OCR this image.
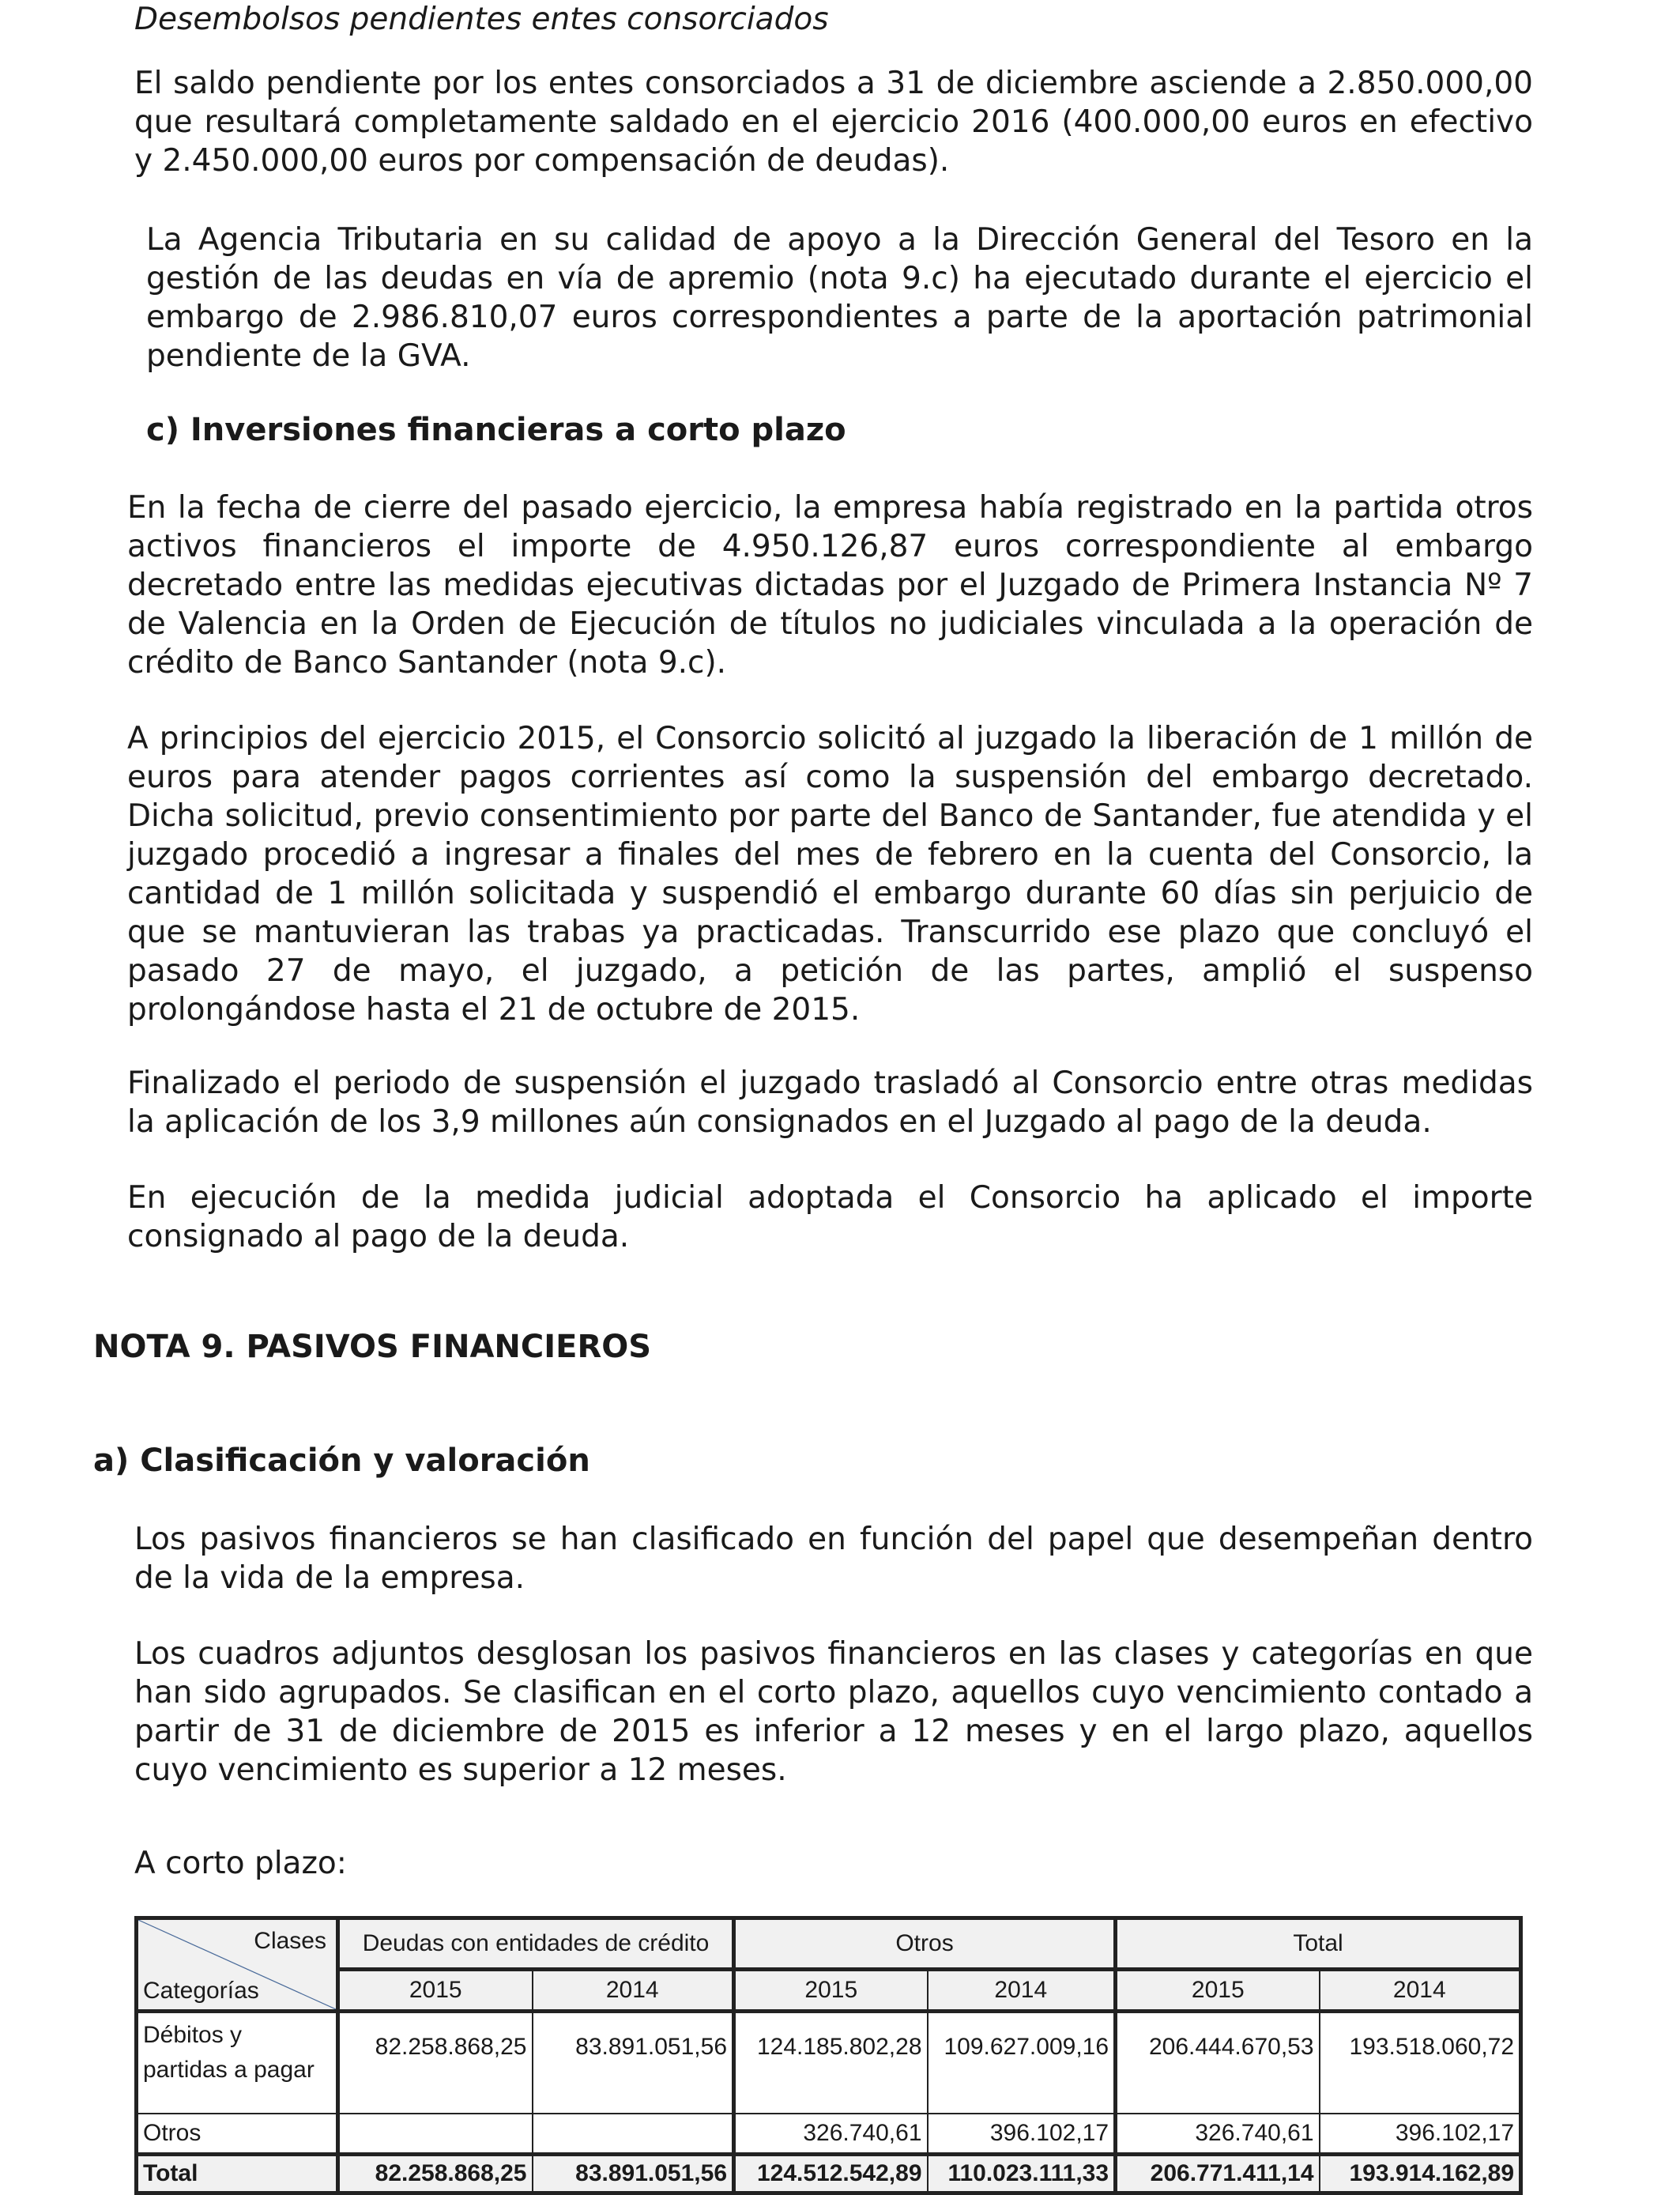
Desembolsos pendientes entes consorciados
El saldo pendiente por los entes consorciados a 31 de diciembre asciende a 2.850.000,00 que resultará completamente saldado en el ejercicio 2016 (400.000,00 euros en efectivo y 2.450.000,00 euros por compensación de deudas).
La Agencia Tributaria en su calidad de apoyo a la Dirección General del Tesoro en la gestión de las deudas en vía de apremio (nota 9.c) ha ejecutado durante el ejercicio el embargo de 2.986.810,07 euros correspondientes a parte de la aportación patrimonial pendiente de la GVA.
c) Inversiones financieras a corto plazo
En la fecha de cierre del pasado ejercicio, la empresa había registrado en la partida otros activos financieros el importe de 4.950.126,87 euros correspondiente al embargo decretado entre las medidas ejecutivas dictadas por el Juzgado de Primera Instancia Nº 7 de Valencia en la Orden de Ejecución de títulos no judiciales vinculada a la operación de crédito de Banco Santander (nota 9.c).
A principios del ejercicio 2015, el Consorcio solicitó al juzgado la liberación de 1 millón de euros para atender pagos corrientes así como la suspensión del embargo decretado. Dicha solicitud, previo consentimiento por parte del Banco de Santander, fue atendida y el juzgado procedió a ingresar a finales del mes de febrero en la cuenta del Consorcio, la cantidad de 1 millón solicitada y suspendió el embargo durante 60 días sin perjuicio de que se mantuvieran las trabas ya practicadas. Transcurrido ese plazo que concluyó el pasado 27 de mayo, el juzgado, a petición de las partes, amplió el suspenso prolongándose hasta el 21 de octubre de 2015.
Finalizado el periodo de suspensión el juzgado trasladó al Consorcio entre otras medidas la aplicación de los 3,9 millones aún consignados en el Juzgado al pago de la deuda.
En ejecución de la medida judicial adoptada el Consorcio ha aplicado el importe consignado al pago de la deuda.
NOTA 9. PASIVOS FINANCIEROS
a) Clasificación y valoración
Los pasivos financieros se han clasificado en función del papel que desempeñan dentro de la vida de la empresa.
Los cuadros adjuntos desglosan los pasivos financieros en las clases y categorías en que han sido agrupados. Se clasifican en el corto plazo, aquellos cuyo vencimiento contado a partir de 31 de diciembre de 2015 es inferior a 12 meses y en el largo plazo, aquellos cuyo vencimiento es superior a 12 meses.
A corto plazo:
Clases
Categorías	Deudas con entidades de crédito		Otros		Total	
	2015	2014	2015	2014	2015	2014
Débitos y
partidas a pagar	82.258.868,25	83.891.051,56	124.185.802,28	109.627.009,16	206.444.670,53	193.518.060,72
Otros			326.740,61	396.102,17	326.740,61	396.102,17
Total	82.258.868,25	83.891.051,56	124.512.542,89	110.023.111,33	206.771.411,14	193.914.162,89
